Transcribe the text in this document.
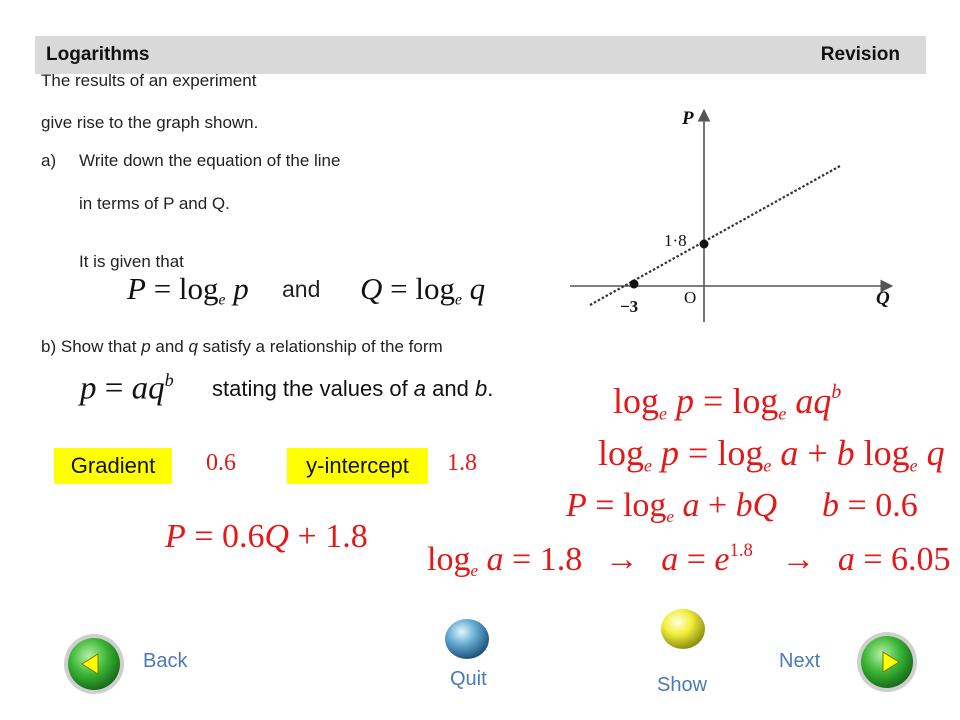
Logarithms	Revision
The results of an experiment
give rise to the graph shown.
a) Write down the equation of the line
in terms of P and Q.
It is given that
$P = \log_e p$ and $Q = \log_e q$
P
Q
O
1·8
−3
b) Show that p and q satisfy a relationship of the form
$p = aq^b$ stating the values of a and b.
Gradient	0.6	y-intercept	1.8
P = 0.6Q + 1.8
$\log_e p = \log_e aq^b$
$\log_e p = \log_e a + b$ $\log_e q$
$P = \log_e a$ + bQ b = 0.6
$\log_e a = 1.8 \to a = e^{1.8} \to a = 6.05$
Back
Quit	Show
Next
